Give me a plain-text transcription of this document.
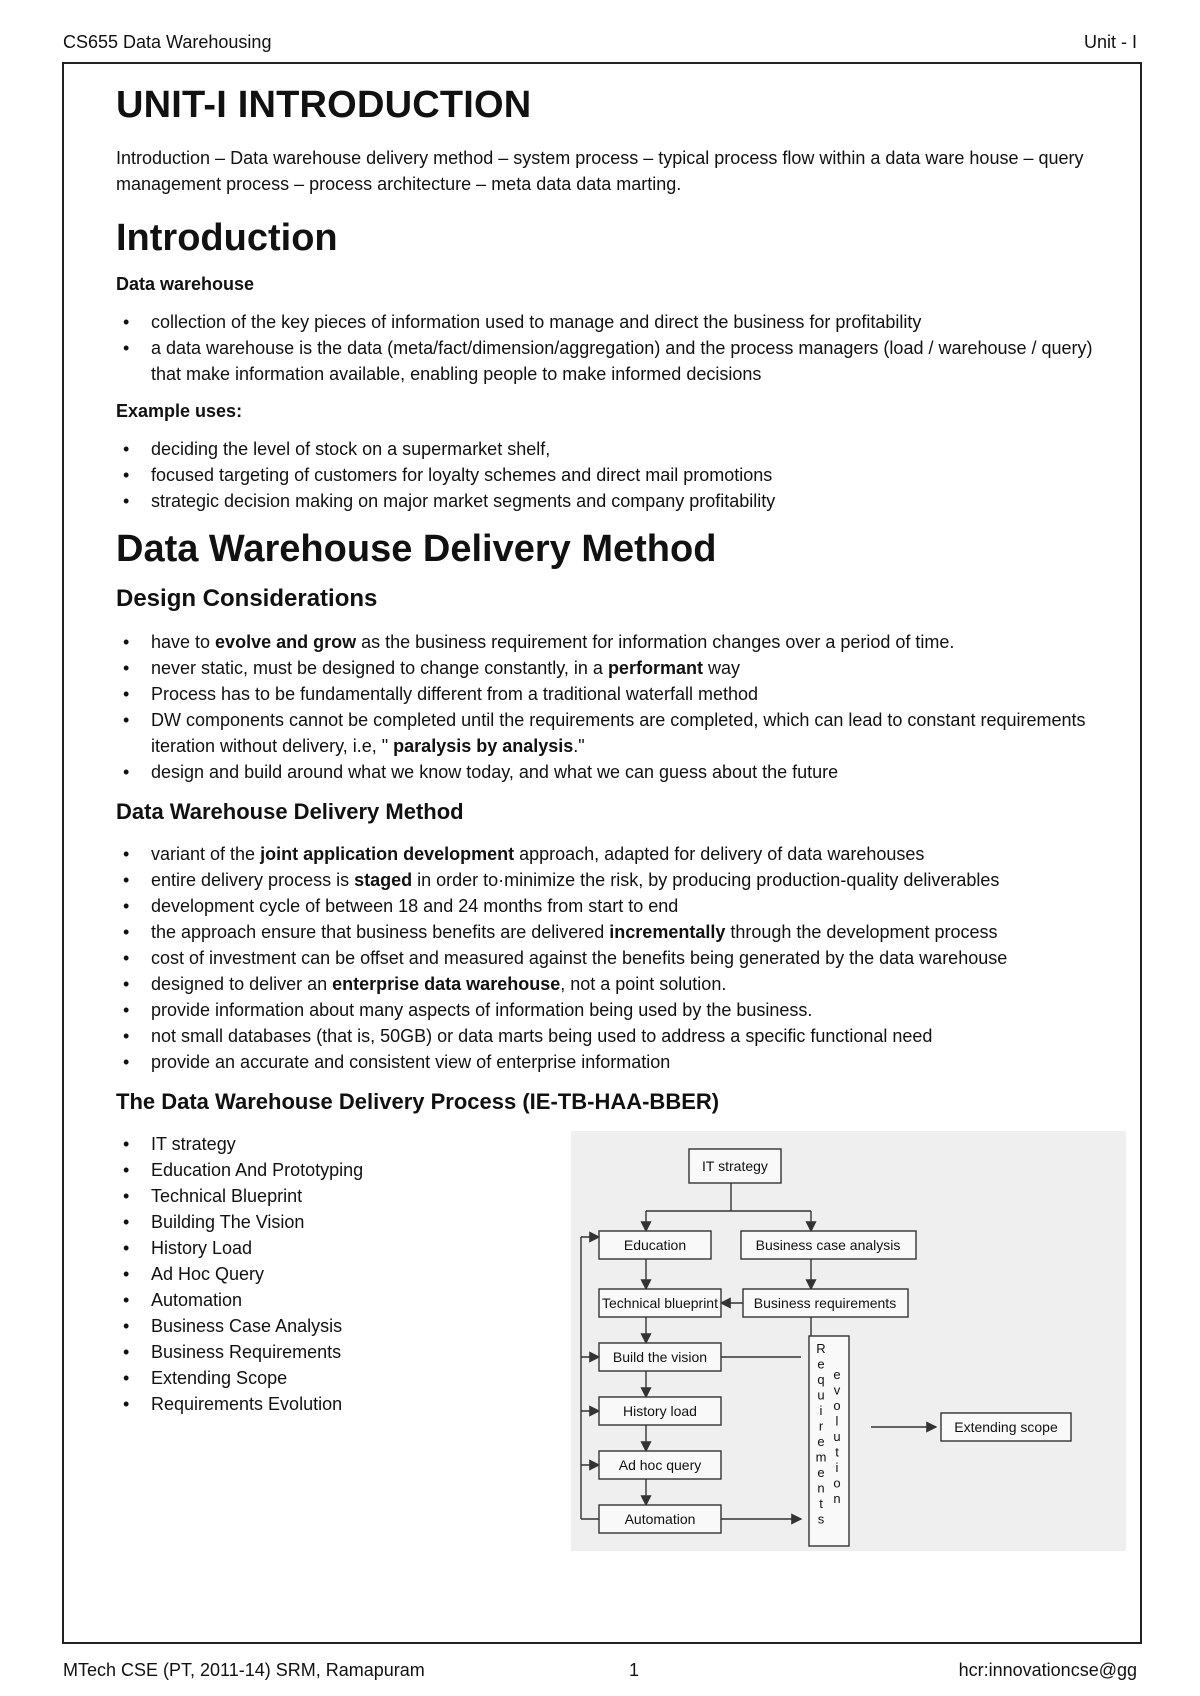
CS655 Data Warehousing	Unit - I
UNIT-I INTRODUCTION

Introduction – Data warehouse delivery method – system process – typical process flow within a data ware house – query management process – process architecture – meta data data marting.

Introduction
Data warehouse
• collection of the key pieces of information used to manage and direct the business for profitability
• a data warehouse is the data (meta/fact/dimension/aggregation) and the process managers (load / warehouse / query) that make information available, enabling people to make informed decisions
Example uses:
• deciding the level of stock on a supermarket shelf,
• focused targeting of customers for loyalty schemes and direct mail promotions
• strategic decision making on major market segments and company profitability
Data Warehouse Delivery Method
Design Considerations
• have to evolve and grow as the business requirement for information changes over a period of time.
• never static, must be designed to change constantly, in a performant way
• Process has to be fundamentally different from a traditional waterfall method
• DW components cannot be completed until the requirements are completed, which can lead to constant requirements iteration without delivery, i.e, " paralysis by analysis."
• design and build around what we know today, and what we can guess about the future
Data Warehouse Delivery Method
• variant of the joint application development approach, adapted for delivery of data warehouses
• entire delivery process is staged in order to·minimize the risk, by producing production-quality deliverables
• development cycle of between 18 and 24 months from start to end
• the approach ensure that business benefits are delivered incrementally through the development process
• cost of investment can be offset and measured against the benefits being generated by the data warehouse
• designed to deliver an enterprise data warehouse, not a point solution.
• provide information about many aspects of information being used by the business.
• not small databases (that is, 50GB) or data marts being used to address a specific functional need
• provide an accurate and consistent view of enterprise information
The Data Warehouse Delivery Process (IE-TB-HAA-BBER)
• IT strategy
• Education And Prototyping
• Technical Blueprint
• Building The Vision
• History Load
• Ad Hoc Query
• Automation
• Business Case Analysis
• Business Requirements
• Extending Scope
• Requirements Evolution
IT strategy
Education	Business case analysis
Technical blueprint	Business requirements
Build the vision
History load
Ad hoc query
Automation
Extending scope
R e q u i r e m e n t s
e v o l u t i o n
MTech CSE (PT, 2011-14) SRM, Ramapuram	1	hcr:innovationcse@gg
